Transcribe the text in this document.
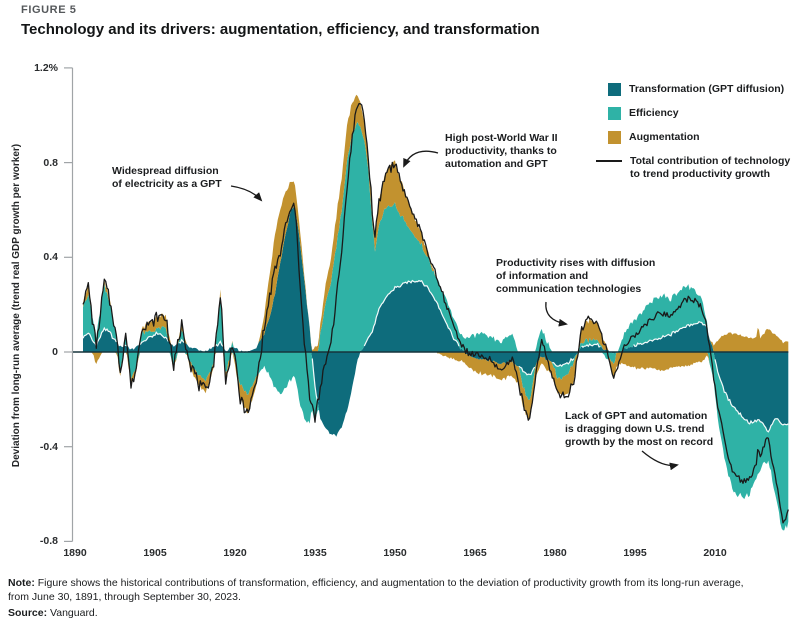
FIGURE 5
Technology and its drivers: augmentation, efficiency, and transformation
Deviation from long-run average (trend real GDP growth per worker)
1.2%
0.8
0.4
0
-0.4
-0.8
1890	1905	1920	1935	1950	1965	1980	1995	2010
Transformation (GPT diffusion)
Efficiency
Augmentation
Total contribution of technology
to trend productivity growth
Widespread diffusion
of electricity as a GPT
High post-World War II
productivity, thanks to
automation and GPT
Productivity rises with diffusion
of information and
communication technologies
Lack of GPT and automation
is dragging down U.S. trend
growth by the most on record
Note: Figure shows the historical contributions of transformation, efficiency, and augmentation to the deviation of productivity growth from its long-run average,
from June 30, 1891, through September 30, 2023.
Source: Vanguard.
